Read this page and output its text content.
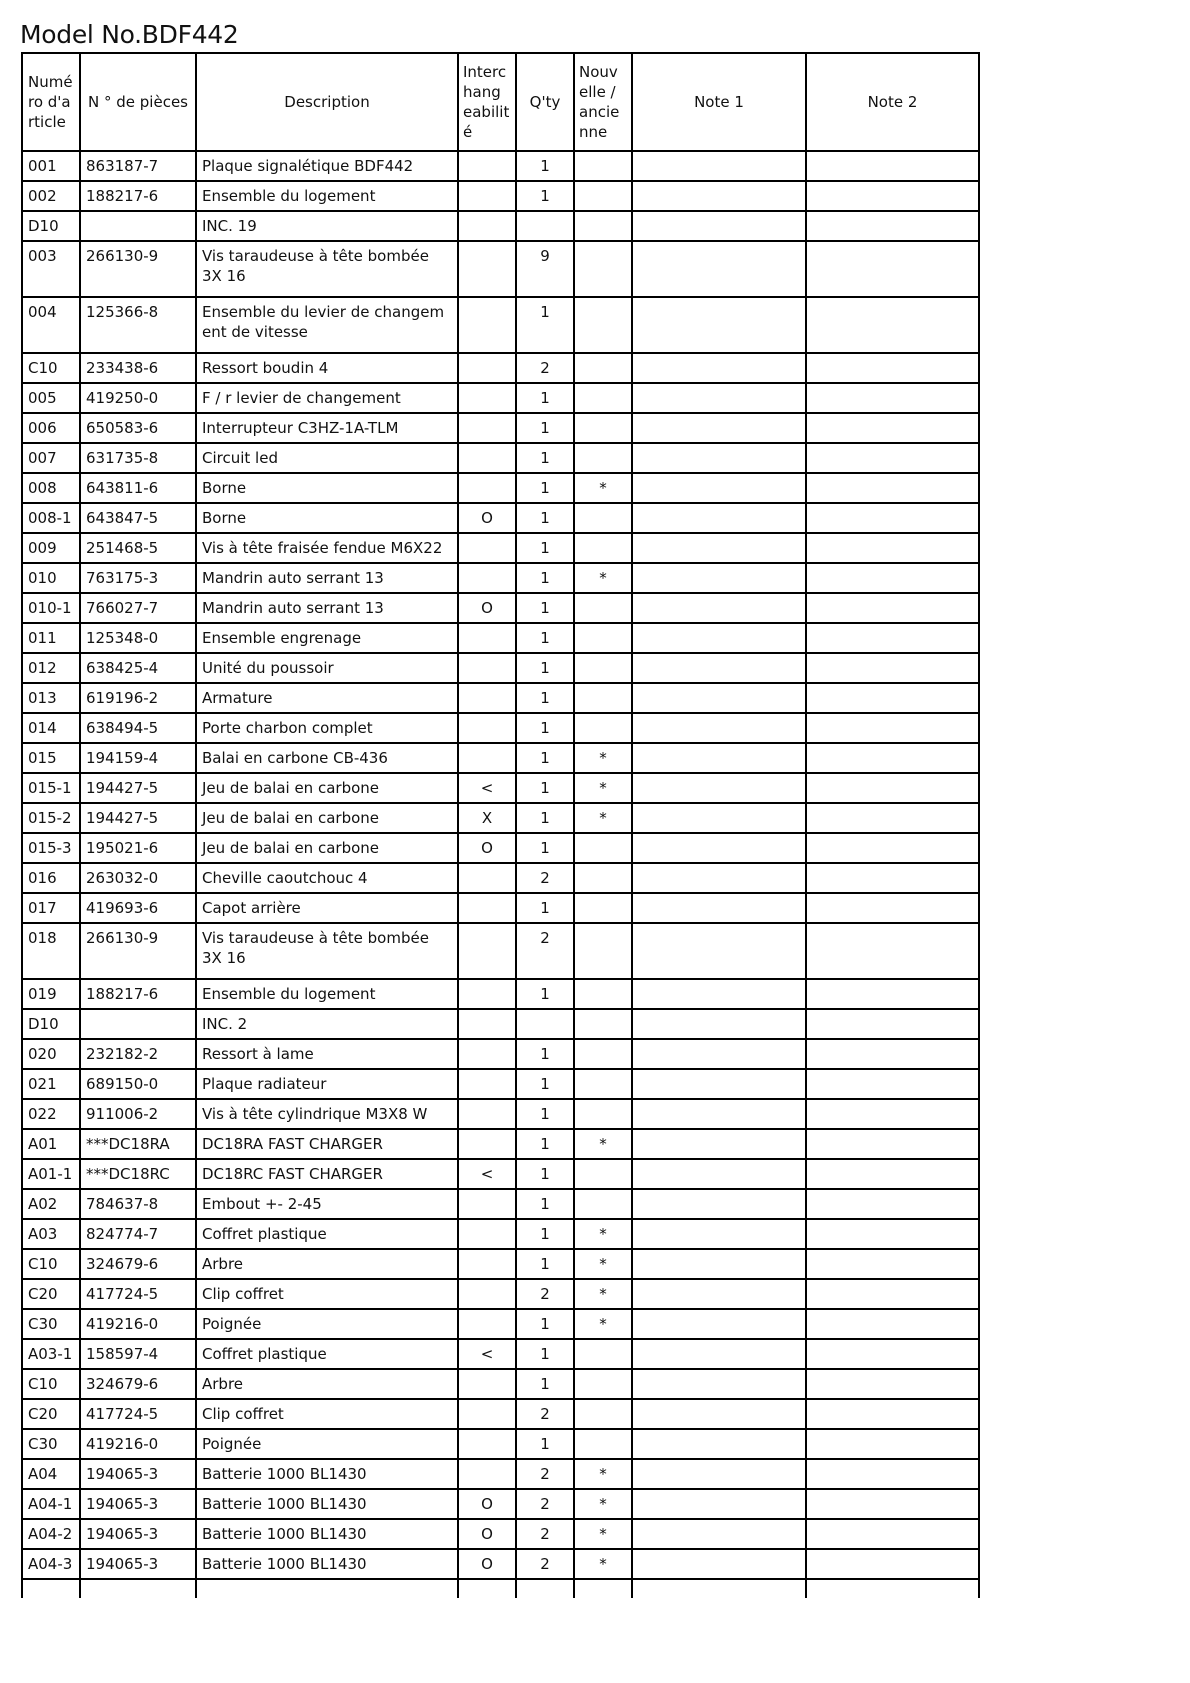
Model No.BDF442
Numé ro d'a rticle	N ° de pièces	Description	Interc hang eabilit é	Q'ty	Nouv elle / ancie nne	Note 1	Note 2
001	863187-7	Plaque signalétique BDF442		1			
002	188217-6	Ensemble du logement		1			
D10		INC. 19					
003	266130-9	Vis taraudeuse à tête bombée 3X 16		9			
004	125366-8	Ensemble du levier de changem ent de vitesse		1			
C10	233438-6	Ressort boudin 4		2			
005	419250-0	F / r levier de changement		1			
006	650583-6	Interrupteur C3HZ-1A-TLM		1			
007	631735-8	Circuit led		1			
008	643811-6	Borne		1	*		
008-1	643847-5	Borne	O	1			
009	251468-5	Vis à tête fraisée fendue M6X22		1			
010	763175-3	Mandrin auto serrant 13		1	*		
010-1	766027-7	Mandrin auto serrant 13	O	1			
011	125348-0	Ensemble engrenage		1			
012	638425-4	Unité du poussoir		1			
013	619196-2	Armature		1			
014	638494-5	Porte charbon complet		1			
015	194159-4	Balai en carbone CB-436		1	*		
015-1	194427-5	Jeu de balai en carbone	<	1	*		
015-2	194427-5	Jeu de balai en carbone	X	1	*		
015-3	195021-6	Jeu de balai en carbone	O	1			
016	263032-0	Cheville caoutchouc 4		2			
017	419693-6	Capot arrière		1			
018	266130-9	Vis taraudeuse à tête bombée 3X 16		2			
019	188217-6	Ensemble du logement		1			
D10		INC. 2					
020	232182-2	Ressort à lame		1			
021	689150-0	Plaque radiateur		1			
022	911006-2	Vis à tête cylindrique M3X8 W		1			
A01	***DC18RA	DC18RA FAST CHARGER		1	*		
A01-1	***DC18RC	DC18RC FAST CHARGER	<	1			
A02	784637-8	Embout +- 2-45		1			
A03	824774-7	Coffret plastique		1	*		
C10	324679-6	Arbre		1	*		
C20	417724-5	Clip coffret		2	*		
C30	419216-0	Poignée		1	*		
A03-1	158597-4	Coffret plastique	<	1			
C10	324679-6	Arbre		1			
C20	417724-5	Clip coffret		2			
C30	419216-0	Poignée		1			
A04	194065-3	Batterie 1000 BL1430		2	*		
A04-1	194065-3	Batterie 1000 BL1430	O	2	*		
A04-2	194065-3	Batterie 1000 BL1430	O	2	*		
A04-3	194065-3	Batterie 1000 BL1430	O	2	*		
